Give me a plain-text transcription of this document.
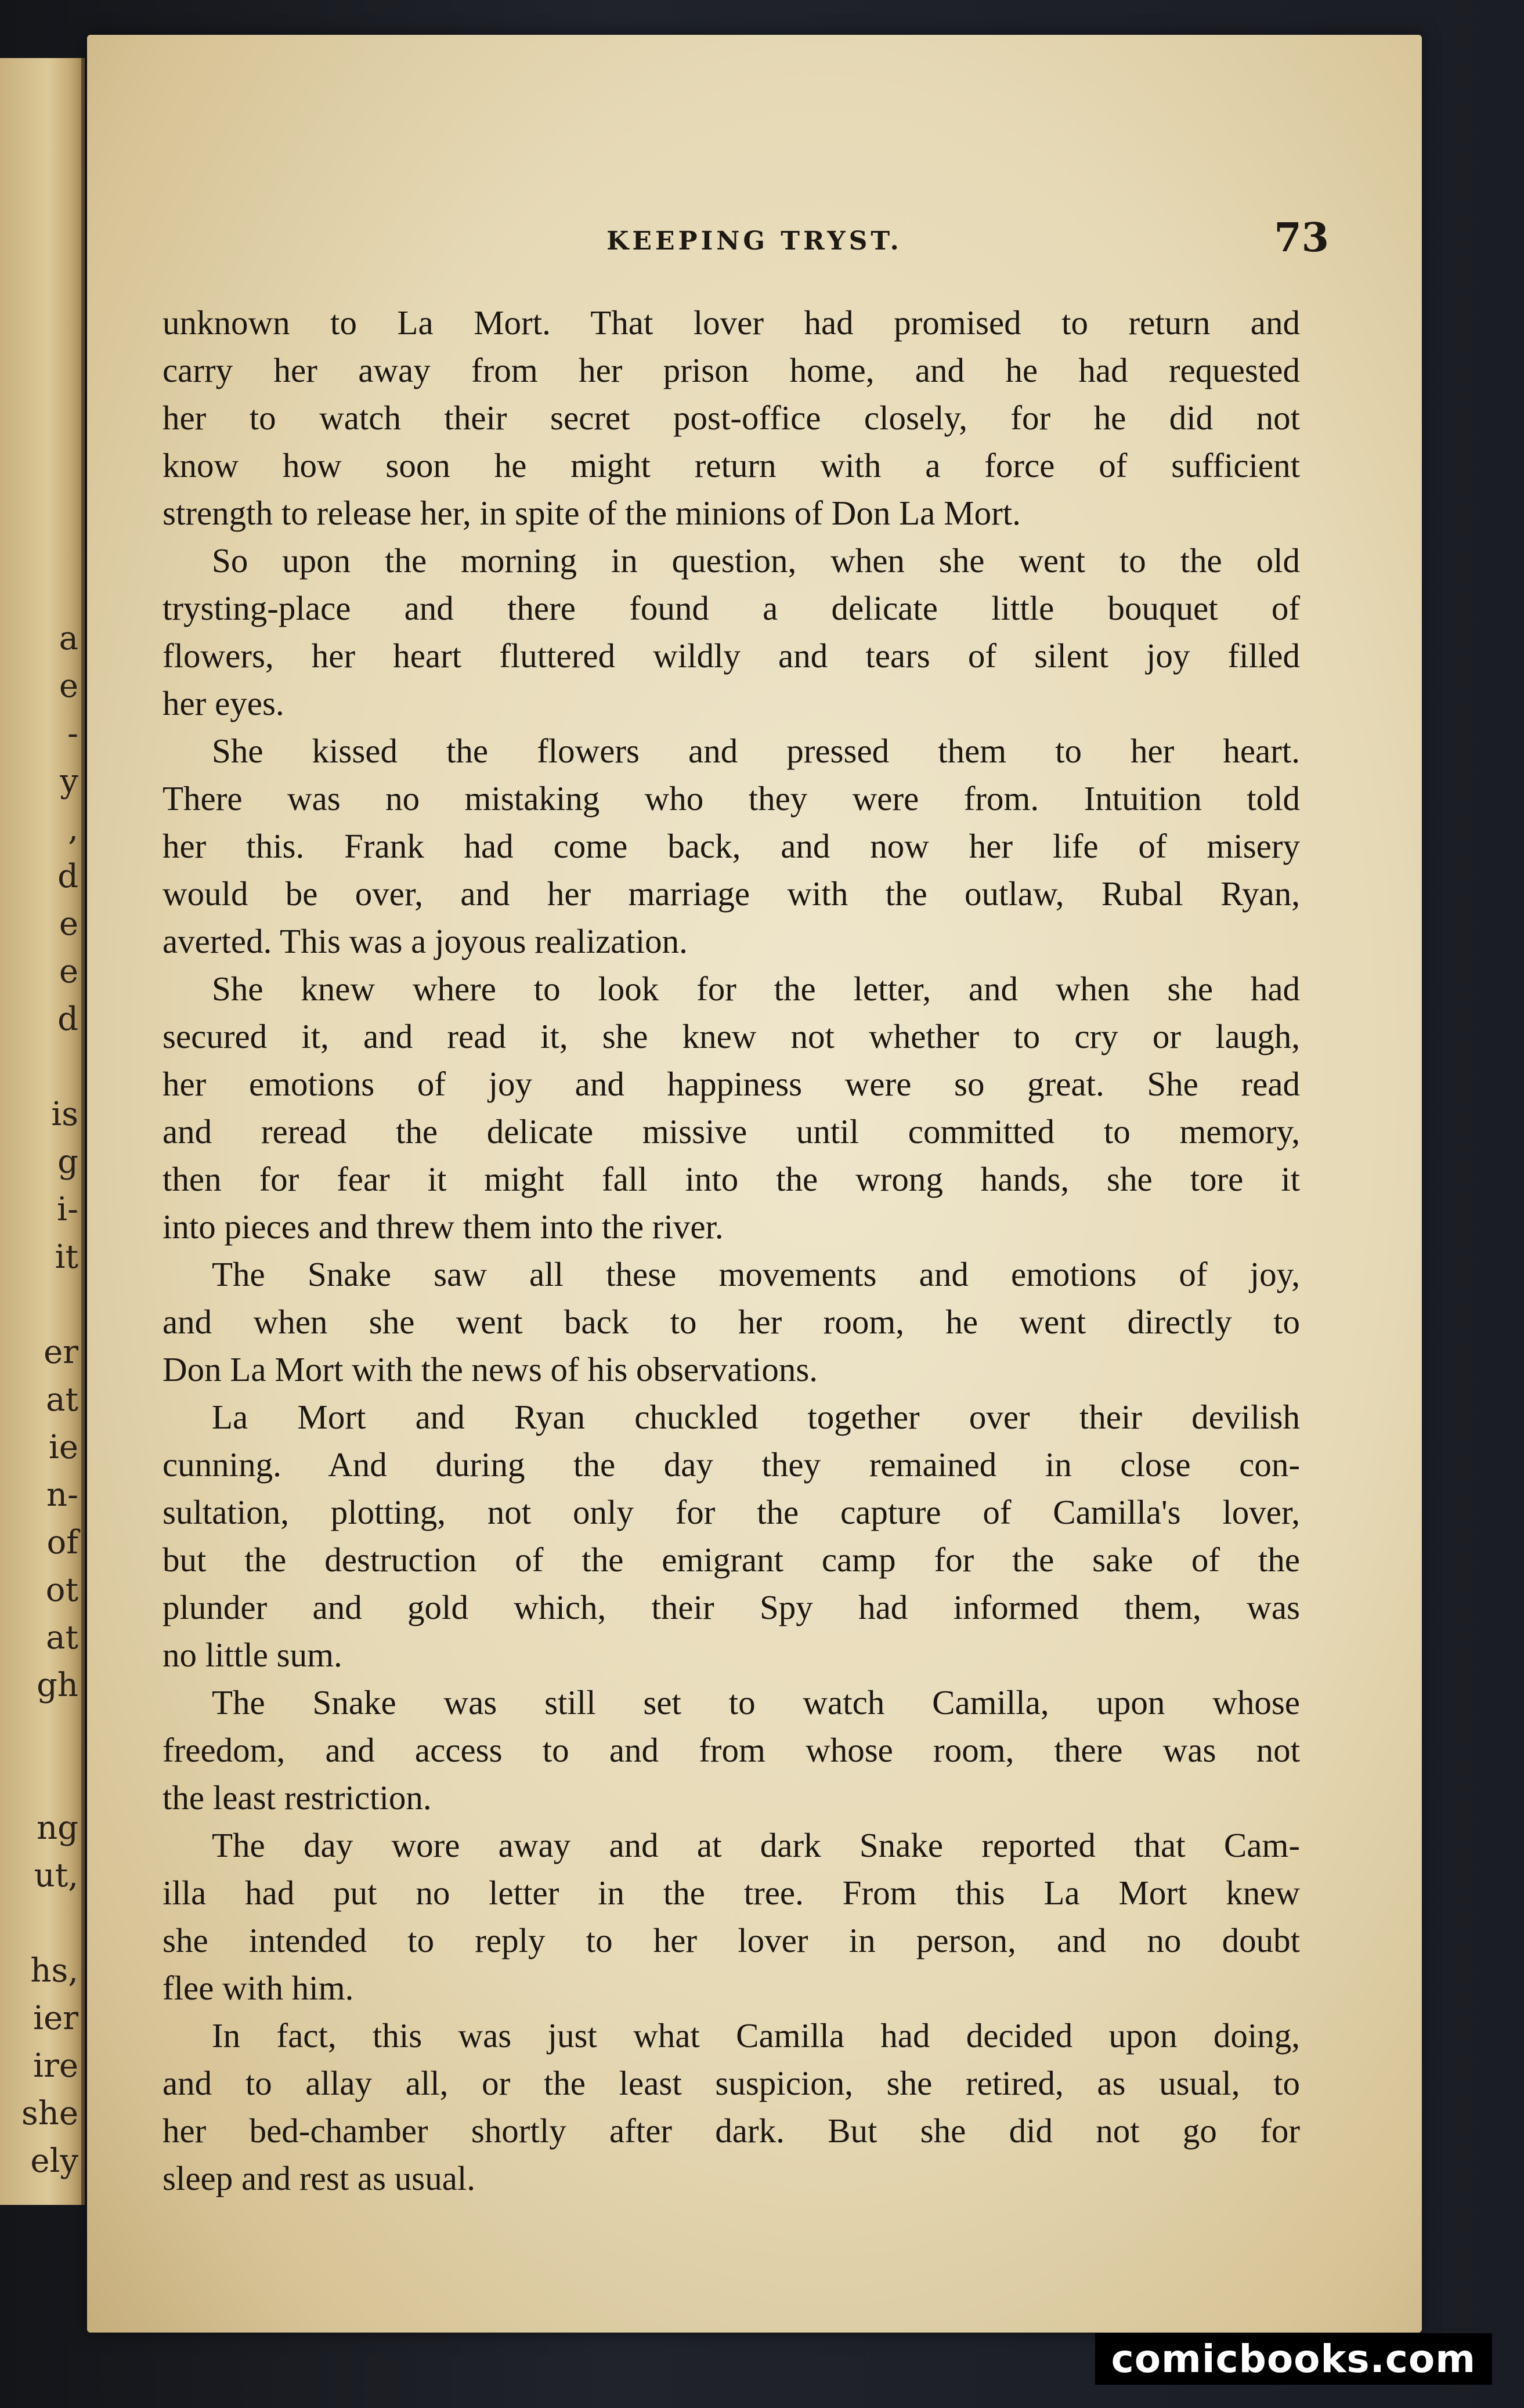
a
e
-
y
,
d
e
e
d
is
g
i-
it
er
at
ie
n-
of
ot
at
gh
ng
ut,
hs,
ier
ire
she
ely
KEEPING TRYST.	73
unknown to La Mort. That lover had promised to return and
carry her away from her prison home, and he had requested
her to watch their secret post-office closely, for he did not
know how soon he might return with a force of sufficient
strength to release her, in spite of the minions of Don La Mort.
So upon the morning in question, when she went to the old
trysting-place and there found a delicate little bouquet of
flowers, her heart fluttered wildly and tears of silent joy filled
her eyes.
She kissed the flowers and pressed them to her heart.
There was no mistaking who they were from. Intuition told
her this. Frank had come back, and now her life of misery
would be over, and her marriage with the outlaw, Rubal Ryan,
averted. This was a joyous realization.
She knew where to look for the letter, and when she had
secured it, and read it, she knew not whether to cry or laugh,
her emotions of joy and happiness were so great. She read
and reread the delicate missive until committed to memory,
then for fear it might fall into the wrong hands, she tore it
into pieces and threw them into the river.
The Snake saw all these movements and emotions of joy,
and when she went back to her room, he went directly to
Don La Mort with the news of his observations.
La Mort and Ryan chuckled together over their devilish
cunning. And during the day they remained in close con-
sultation, plotting, not only for the capture of Camilla's lover,
but the destruction of the emigrant camp for the sake of the
plunder and gold which, their Spy had informed them, was
no little sum.
The Snake was still set to watch Camilla, upon whose
freedom, and access to and from whose room, there was not
the least restriction.
The day wore away and at dark Snake reported that Cam-
illa had put no letter in the tree. From this La Mort knew
she intended to reply to her lover in person, and no doubt
flee with him.
In fact, this was just what Camilla had decided upon doing,
and to allay all, or the least suspicion, she retired, as usual, to
her bed-chamber shortly after dark. But she did not go for
sleep and rest as usual.
comicbooks.com
